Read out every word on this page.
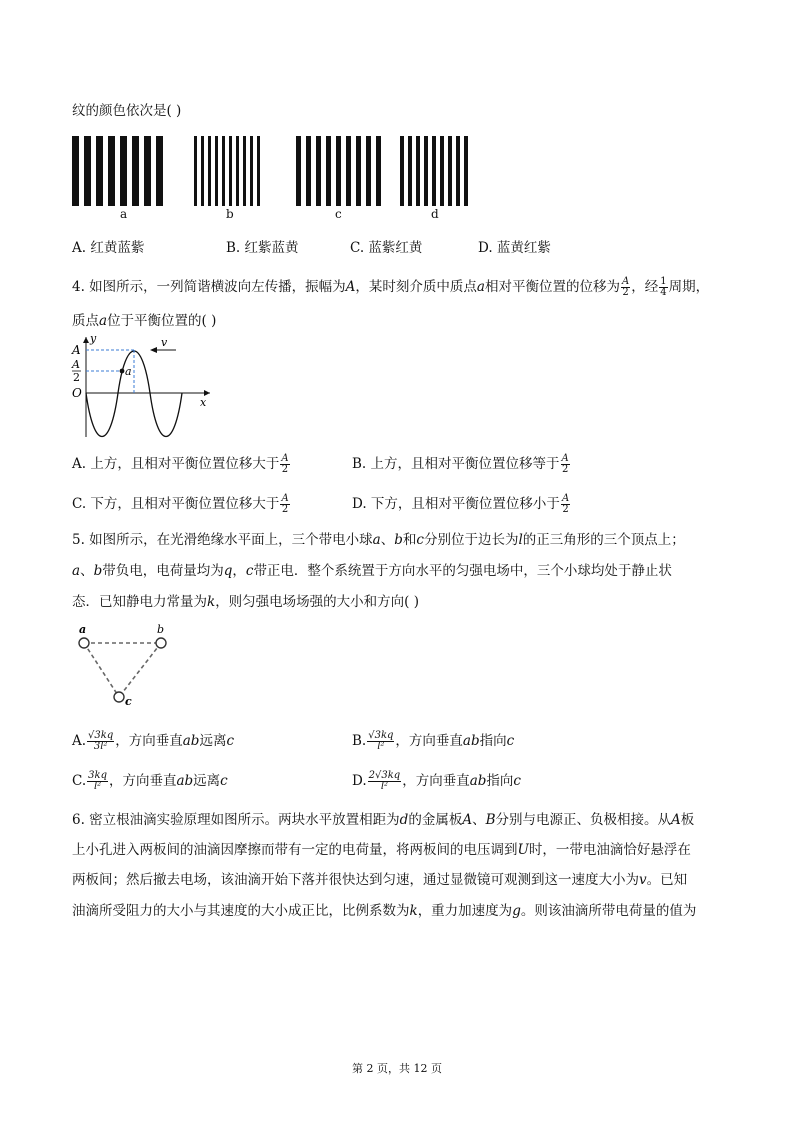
纹的颜色依次是( )
a	b	c	d
A. 红黄蓝紫	B. 红紫蓝黄	C. 蓝紫红黄	D. 蓝黄红紫
4. 如图所示，一列简谐横波向左传播，振幅为A，某时刻介质中质点a相对平衡位置的位移为 $\frac{A}{2}$ ，经 $\frac{1}{4}$ 周期，
质点a位于平衡位置的( )
v
y
A
A
2
O
x
a
A. 上方，且相对平衡位置位移大于 $\frac{A}{2}$	B. 上方，且相对平衡位置位移等于 $\frac{A}{2}$
C. 下方，且相对平衡位置位移大于 $\frac{A}{2}$	D. 下方，且相对平衡位置位移小于 $\frac{A}{2}$
5. 如图所示，在光滑绝缘水平面上，三个带电小球a、b和c分别位于边长为l的正三角形的三个顶点上；
a、b带负电，电荷量均为q，c带正电．整个系统置于方向水平的匀强电场中，三个小球均处于静止状
态．已知静电力常量为k，则匀强电场场强的大小和方向( )
a	b
c
A. $\frac{√3kq}{\text{3l²}}$ ，方向垂直ab远离c	B. $\frac{√3kq}{\text{l²}}$ ，方向垂直ab指向c
C. $\frac{3kq}{\text{l²}}$ ，方向垂直ab远离c	D. $\frac{2√3kq}{\text{l²}}$ ，方向垂直ab指向c
6. 密立根油滴实验原理如图所示。两块水平放置相距为d的金属板A、B分别与电源正、负极相接。从A板
上小孔进入两板间的油滴因摩擦而带有一定的电荷量，将两板间的电压调到U时，一带电油滴恰好悬浮在
两板间；然后撤去电场，该油滴开始下落并很快达到匀速，通过显微镜可观测到这一速度大小为v。已知
油滴所受阻力的大小与其速度的大小成正比，比例系数为k，重力加速度为g。则该油滴所带电荷量的值为
第 2 页，共 12 页
